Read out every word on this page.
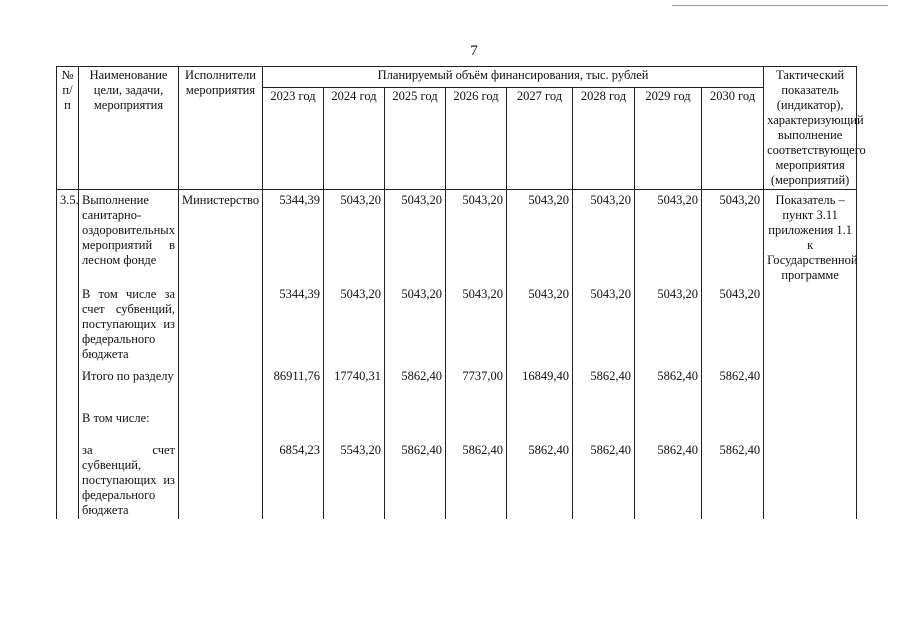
7
№ п/п	Наименование цели, задачи, мероприятия	Исполнители мероприятия	Планируемый объём финансирования, тыс. рублей								Тактический показатель (индикатор), характеризующий выполнение соответствующего мероприятия (мероприятий)
			2023 год	2024 год	2025 год	2026 год	2027 год	2028 год	2029 год	2030 год	
3.5.	Выполнение санитарно-оздоровительных мероприятий в лесном фонде	Министерство	5344,39	5043,20	5043,20	5043,20	5043,20	5043,20	5043,20	5043,20	Показатель – пункт 3.11 приложения 1.1 к Государственной программе
	В том числе за счет субвенций, поступающих из федерального бюджета		5344,39	5043,20	5043,20	5043,20	5043,20	5043,20	5043,20	5043,20	
	Итого по разделу		86911,76	17740,31	5862,40	7737,00	16849,40	5862,40	5862,40	5862,40	
	В том числе:										
	за счет субвенций, поступающих из федерального бюджета		6854,23	5543,20	5862,40	5862,40	5862,40	5862,40	5862,40	5862,40	
